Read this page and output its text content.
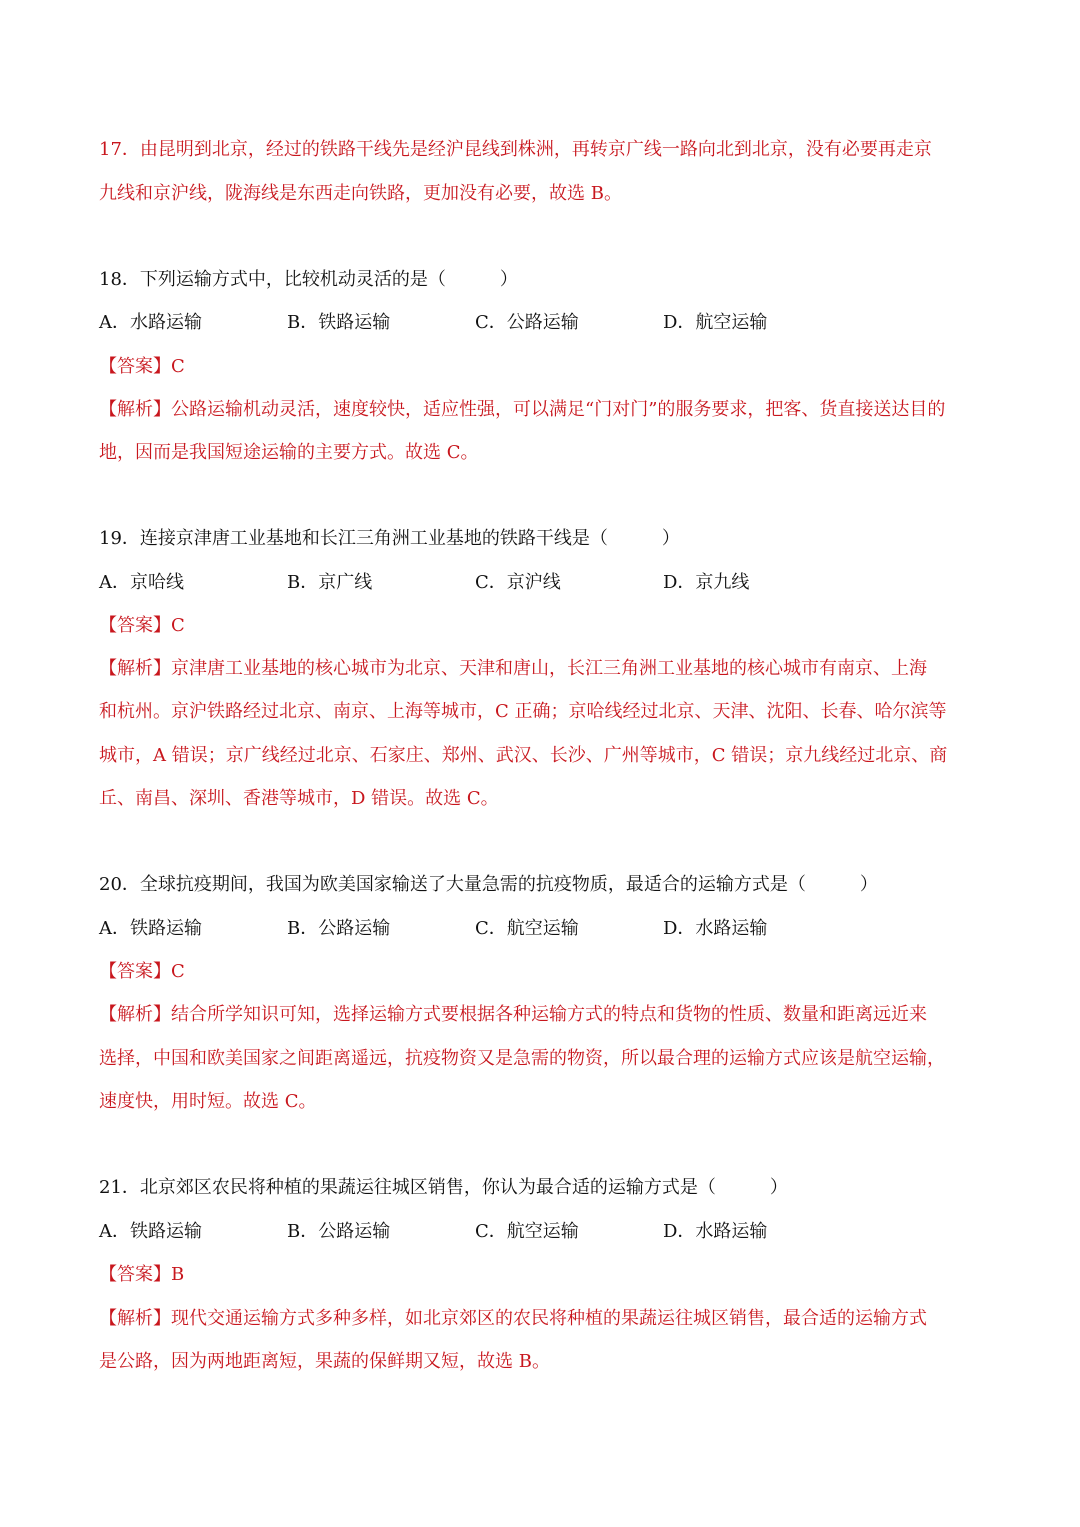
17．由昆明到北京，经过的铁路干线先是经沪昆线到株洲，再转京广线一路向北到北京，没有必要再走京
九线和京沪线，陇海线是东西走向铁路，更加没有必要，故选 B。
18．下列运输方式中，比较机动灵活的是（　　　）
A．水路运输	B．铁路运输	C．公路运输	D．航空运输
【答案】C
【解析】公路运输机动灵活，速度较快，适应性强，可以满足“门对门”的服务要求，把客、货直接送达目的
地，因而是我国短途运输的主要方式。故选 C。
19．连接京津唐工业基地和长江三角洲工业基地的铁路干线是（　　　）
A．京哈线	B．京广线	C．京沪线	D．京九线
【答案】C
【解析】京津唐工业基地的核心城市为北京、天津和唐山，长江三角洲工业基地的核心城市有南京、上海
和杭州。京沪铁路经过北京、南京、上海等城市，C 正确；京哈线经过北京、天津、沈阳、长春、哈尔滨等
城市，A 错误；京广线经过北京、石家庄、郑州、武汉、长沙、广州等城市，C 错误；京九线经过北京、商
丘、南昌、深圳、香港等城市，D 错误。故选 C。
20．全球抗疫期间，我国为欧美国家输送了大量急需的抗疫物质，最适合的运输方式是（　　　）
A．铁路运输	B．公路运输	C．航空运输	D．水路运输
【答案】C
【解析】结合所学知识可知，选择运输方式要根据各种运输方式的特点和货物的性质、数量和距离远近来
选择，中国和欧美国家之间距离遥远，抗疫物资又是急需的物资，所以最合理的运输方式应该是航空运输，
速度快，用时短。故选 C。
21．北京郊区农民将种植的果蔬运往城区销售，你认为最合适的运输方式是（　　　）
A．铁路运输	B．公路运输	C．航空运输	D．水路运输
【答案】B
【解析】现代交通运输方式多种多样，如北京郊区的农民将种植的果蔬运往城区销售，最合适的运输方式
是公路，因为两地距离短，果蔬的保鲜期又短，故选 B。
